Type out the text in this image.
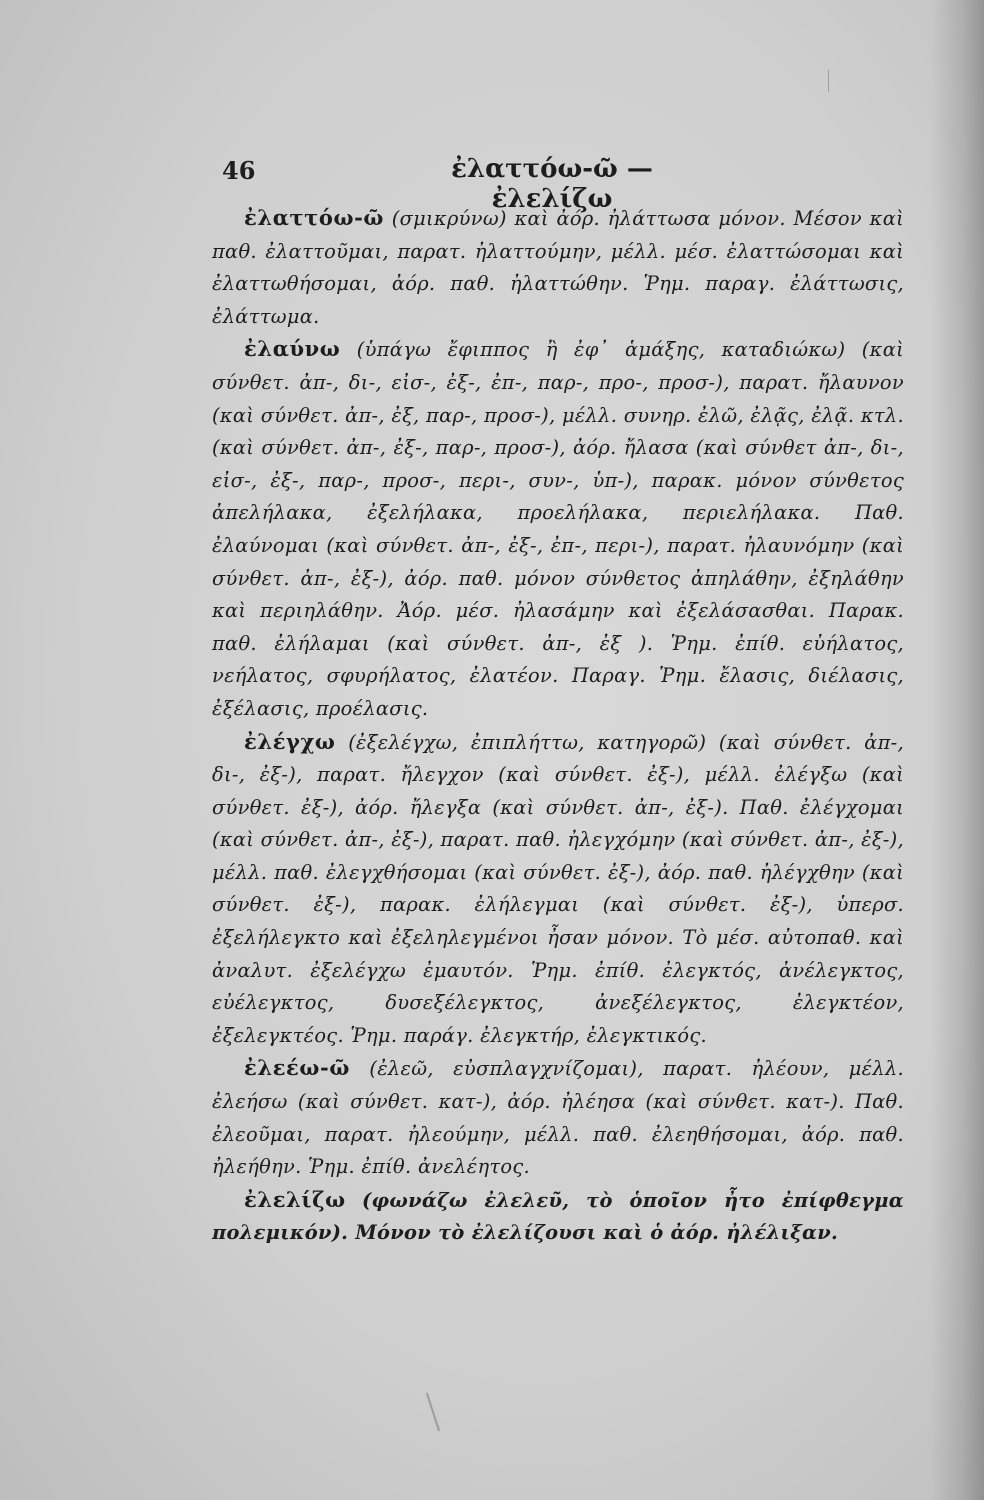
46	ἐλαττόω-ῶ — ἐλελίζω

ἐλαττόω-ῶ (σμικρύνω) καὶ ἀόρ. ἠλάττωσα μόνον. Μέσον καὶ παθ. ἐλαττοῦμαι, παρατ. ἠλαττούμην, μέλλ. μέσ. ἐλαττώσομαι καὶ ἐλαττωθήσομαι, ἀόρ. παθ. ἠλαττώθην. Ῥημ. παραγ. ἐλάττωσις, ἐλάττωμα.

ἐλαύνω (ὑπάγω ἔφιππος ἢ ἐφ᾽ ἁμάξης, καταδιώκω) (καὶ σύνθετ. ἀπ-, δι-, εἰσ-, ἐξ-, ἐπ-, παρ-, προ-, προσ-), παρατ. ἤλαυνον (καὶ σύνθετ. ἀπ-, ἐξ, παρ-, προσ-), μέλλ. συνηρ. ἐλῶ, ἐλᾷς, ἐλᾷ. κτλ. (καὶ σύνθετ. ἀπ-, ἐξ-, παρ-, προσ-), ἀόρ. ἤλασα (καὶ σύνθετ ἀπ-, δι-, εἰσ-, ἐξ-, παρ-, προσ-, περι-, συν-, ὑπ-), παρακ. μόνον σύνθετος ἀπελήλακα, ἐξελήλακα, προελήλακα, περιελήλακα. Παθ. ἐλαύνομαι (καὶ σύνθετ. ἀπ-, ἐξ-, ἐπ-, περι-), παρατ. ἠλαυνόμην (καὶ σύνθετ. ἀπ-, ἐξ-), ἀόρ. παθ. μόνον σύνθετος ἀπηλάθην, ἐξηλάθην καὶ περιηλάθην. Ἀόρ. μέσ. ἠλασάμην καὶ ἐξελάσασθαι. Παρακ. παθ. ἐλήλαμαι (καὶ σύνθετ. ἀπ-, ἐξ ). Ῥημ. ἐπίθ. εὐήλατος, νεήλατος, σφυρήλατος, ἐλατέον. Παραγ. Ῥημ. ἔλασις, διέλασις, ἐξέλασις, προέλασις.

ἐλέγχω (ἐξελέγχω, ἐπιπλήττω, κατηγορῶ) (καὶ σύνθετ. ἀπ-, δι-, ἐξ-), παρατ. ἤλεγχον (καὶ σύνθετ. ἐξ-), μέλλ. ἐλέγξω (καὶ σύνθετ. ἐξ-), ἀόρ. ἤλεγξα (καὶ σύνθετ. ἀπ-, ἐξ-). Παθ. ἐλέγχομαι (καὶ σύνθετ. ἀπ-, ἐξ-), παρατ. παθ. ἠλεγχόμην (καὶ σύνθετ. ἀπ-, ἐξ-), μέλλ. παθ. ἐλεγχθήσομαι (καὶ σύνθετ. ἐξ-), ἀόρ. παθ. ἠλέγχθην (καὶ σύνθετ. ἐξ-), παρακ. ἐλήλεγμαι (καὶ σύνθετ. ἐξ-), ὑπερσ. ἐξελήλεγκτο καὶ ἐξεληλεγμένοι ἦσαν μόνον. Τὸ μέσ. αὐτοπαθ. καὶ ἀναλυτ. ἐξελέγχω ἐμαυτόν. Ῥημ. ἐπίθ. ἐλεγκτός, ἀνέλεγκτος, εὐέλεγκτος, δυσεξέλεγκτος, ἀνεξέλεγκτος, ἐλεγκτέον, ἐξελεγκτέος. Ῥημ. παράγ. ἐλεγκτήρ, ἐλεγκτικός.

ἐλεέω-ῶ (ἐλεῶ, εὐσπλαγχνίζομαι), παρατ. ἠλέουν, μέλλ. ἐλεήσω (καὶ σύνθετ. κατ-), ἀόρ. ἠλέησα (καὶ σύνθετ. κατ-). Παθ. ἐλεοῦμαι, παρατ. ἠλεούμην, μέλλ. παθ. ἐλεηθήσομαι, ἀόρ. παθ. ἠλεήθην. Ῥημ. ἐπίθ. ἀνελέητος.

ἐλελίζω (φωνάζω ἐλελεῦ, τὸ ὁποῖον ἦτο ἐπίφθεγμα πολεμικόν). Μόνον τὸ ἐλελίζουσι καὶ ὁ ἀόρ. ἠλέλιξαν.
